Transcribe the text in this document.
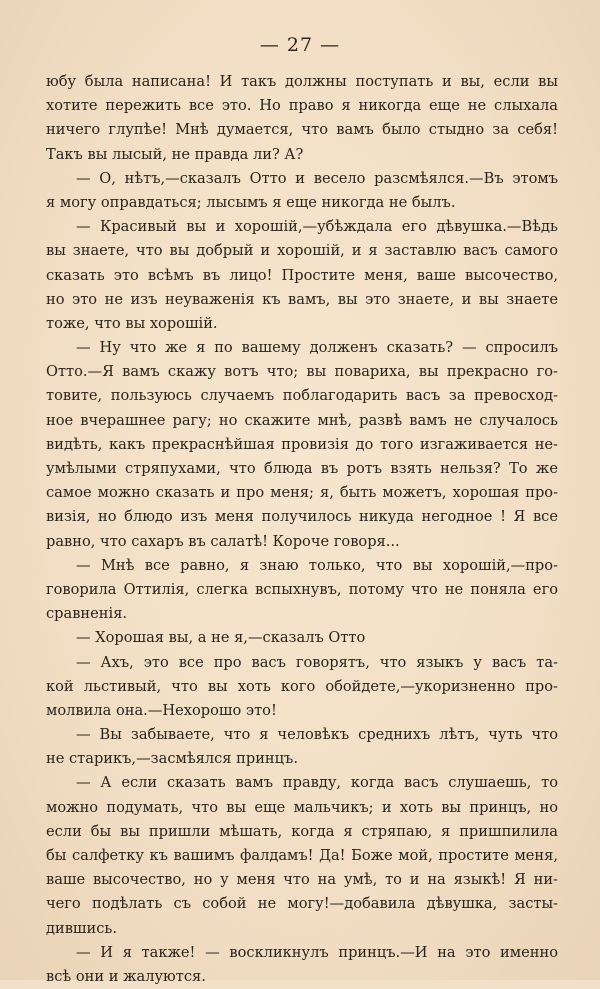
— 27 —
юбу была написана! И такъ должны поступать и вы, если вы
хотите пережить все это. Но право я никогда еще не слыхала
ничего глупѣе! Мнѣ думается, что вамъ было стыдно за себя!
Такъ вы лысый, не правда ли? А?
— О, нѣтъ,—сказалъ Отто и весело разсмѣялся.—Въ этомъ
я могу оправдаться; лысымъ я еще никогда не былъ.
— Красивый вы и хорошій,—убѣждала его дѣвушка.—Вѣдь
вы знаете, что вы добрый и хорошій, и я заставлю васъ самого
сказать это всѣмъ въ лицо! Простите меня, ваше высочество,
но это не изъ неуваженія къ вамъ, вы это знаете, и вы знаете
тоже, что вы хорошій.
— Ну что же я по вашему долженъ сказать? — спросилъ
Отто.—Я вамъ скажу вотъ что; вы повариха, вы прекрасно го-
товите, пользуюсь случаемъ поблагодарить васъ за превосход-
ное вчерашнее рагу; но скажите мнѣ, развѣ вамъ не случалось
видѣть, какъ прекраснѣйшая провизія до того изгаживается не-
умѣлыми стряпухами, что блюда въ ротъ взять нельзя? То же
самое можно сказать и про меня; я, быть можетъ, хорошая про-
визія, но блюдо изъ меня получилось никуда негодное ! Я все
равно, что сахаръ въ салатѣ! Короче говоря...
— Мнѣ все равно, я знаю только, что вы хорошій,—про-
говорила Оттилія, слегка вспыхнувъ, потому что не поняла его
сравненія.
— Хорошая вы, а не я,—сказалъ Отто
— Ахъ, это все про васъ говорятъ, что языкъ у васъ та-
кой льстивый, что вы хоть кого обойдете,—укоризненно про-
молвила она.—Нехорошо это!
— Вы забываете, что я человѣкъ среднихъ лѣтъ, чуть что
не старикъ,—засмѣялся принцъ.
— А если сказать вамъ правду, когда васъ слушаешь, то
можно подумать, что вы еще мальчикъ; и хоть вы принцъ, но
если бы вы пришли мѣшать, когда я стряпаю, я пришпилила
бы салфетку къ вашимъ фалдамъ! Да! Боже мой, простите меня,
ваше высочество, но у меня что на умѣ, то и на языкѣ! Я ни-
чего подѣлать съ собой не могу!—добавила дѣвушка, засты-
дившись.
— И я также! — воскликнулъ принцъ.—И на это именно
всѣ они и жалуются.
